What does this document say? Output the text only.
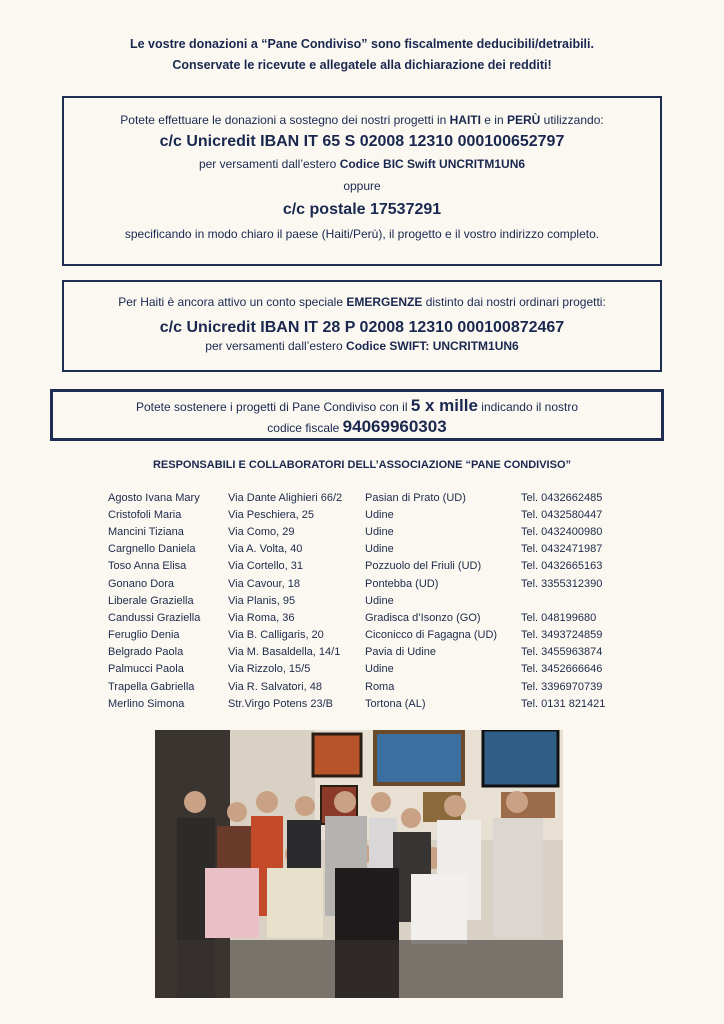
Le vostre donazioni a “Pane Condiviso” sono fiscalmente deducibili/detraibili.
Conservate le ricevute e allegatele alla dichiarazione dei redditi!
Potete effettuare le donazioni a sostegno dei nostri progetti in HAITI e in PERÙ utilizzando:
c/c Unicredit IBAN IT 65 S 02008 12310 000100652797
per versamenti dall’estero Codice BIC Swift UNCRITM1UN6
oppure
c/c postale 17537291
specificando in modo chiaro il paese (Haiti/Perù), il progetto e il vostro indirizzo completo.
Per Haiti è ancora attivo un conto speciale EMERGENZE distinto dai nostri ordinari progetti:
c/c Unicredit IBAN IT 28 P 02008 12310 000100872467
per versamenti dall’estero Codice SWIFT: UNCRITM1UN6
Potete sostenere i progetti di Pane Condiviso con il 5 x mille indicando il nostro
codice fiscale 94069960303
RESPONSABILI E COLLABORATORI DELL’ASSOCIAZIONE “PANE CONDIVISO”
Agosto Ivana Mary	Via Dante Alighieri 66/2	Pasian di Prato (UD)	Tel. 0432662485
Cristofoli Maria	Via Peschiera, 25	Udine	Tel. 0432580447
Mancini Tiziana	Via Como, 29	Udine	Tel. 0432400980
Cargnello Daniela	Via A. Volta, 40	Udine	Tel. 0432471987
Toso Anna Elisa	Via Cortello, 31	Pozzuolo del Friuli (UD)	Tel. 0432665163
Gonano Dora	Via Cavour, 18	Pontebba (UD)	Tel. 3355312390
Liberale Graziella	Via Planis, 95	Udine	
Candussi Graziella	Via Roma, 36	Gradisca d’Isonzo (GO)	Tel. 048199680
Feruglio Denia	Via B. Calligaris, 20	Ciconicco di Fagagna (UD)	Tel. 3493724859
Belgrado Paola	Via M. Basaldella, 14/1	Pavia di Udine	Tel. 3455963874
Palmucci Paola	Via Rizzolo, 15/5	Udine	Tel. 3452666646
Trapella Gabriella	Via R. Salvatori, 48	Roma	Tel. 3396970739
Merlino Simona	Str.Virgo Potens 23/B	Tortona (AL)	Tel. 0131 821421
